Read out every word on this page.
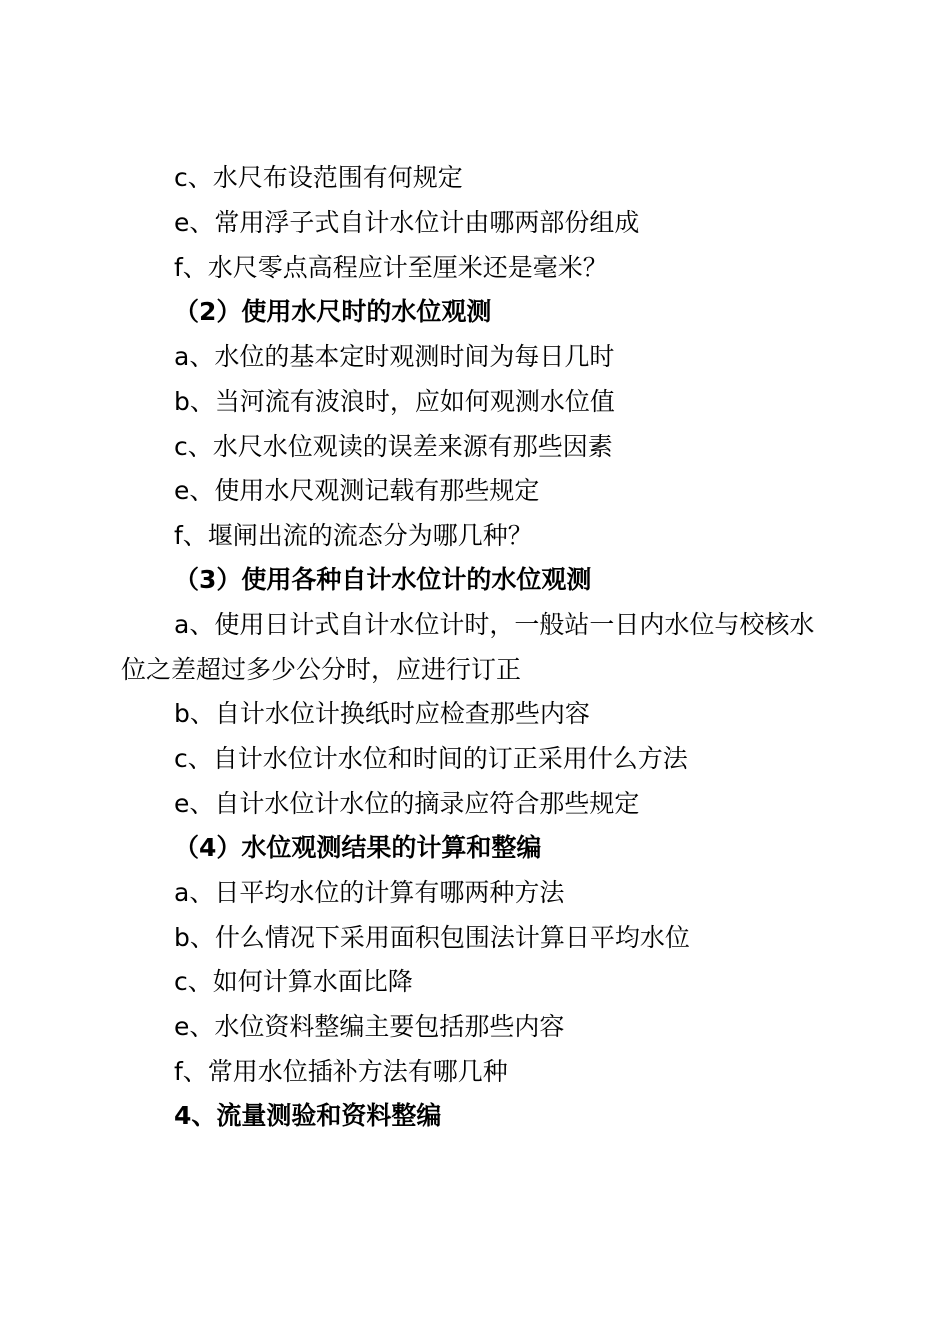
c、水尺布设范围有何规定
e、常用浮子式自计水位计由哪两部份组成
f、水尺零点高程应计至厘米还是毫米？
（2）使用水尺时的水位观测
a、水位的基本定时观测时间为每日几时
b、当河流有波浪时，应如何观测水位值
c、水尺水位观读的误差来源有那些因素
e、使用水尺观测记载有那些规定
f、堰闸出流的流态分为哪几种？
（3）使用各种自计水位计的水位观测
a、使用日计式自计水位计时，一般站一日内水位与校核水
位之差超过多少公分时，应进行订正
b、自计水位计换纸时应检查那些内容
c、自计水位计水位和时间的订正采用什么方法
e、自计水位计水位的摘录应符合那些规定
（4）水位观测结果的计算和整编
a、日平均水位的计算有哪两种方法
b、什么情况下采用面积包围法计算日平均水位
c、如何计算水面比降
e、水位资料整编主要包括那些内容
f、常用水位插补方法有哪几种
4、流量测验和资料整编
